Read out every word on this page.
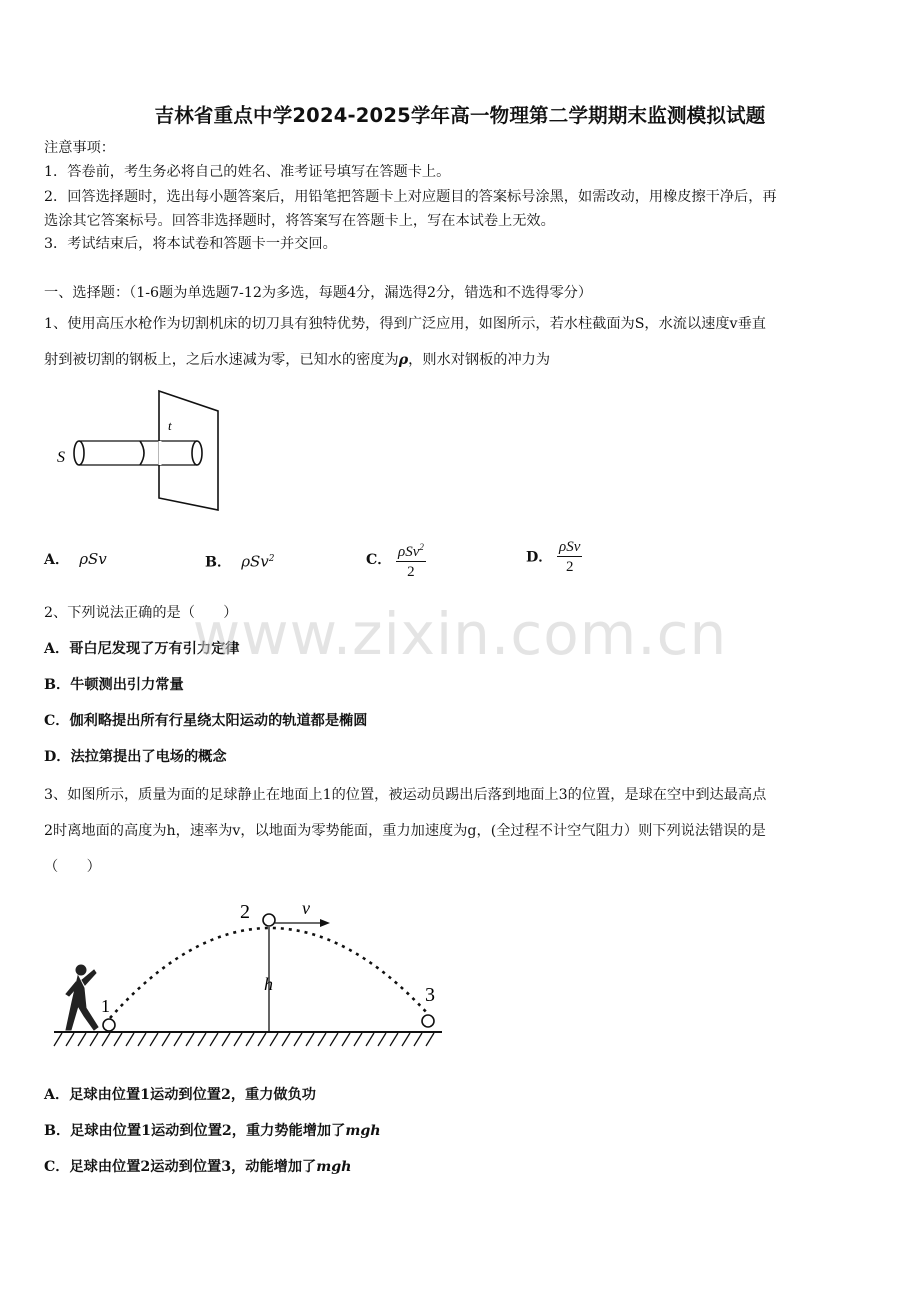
吉林省重点中学2024-2025学年高一物理第二学期期末监测模拟试题
注意事项：
1．答卷前，考生务必将自己的姓名、准考证号填写在答题卡上。
2．回答选择题时，选出每小题答案后，用铅笔把答题卡上对应题目的答案标号涂黑，如需改动，用橡皮擦干净后，再
选涂其它答案标号。回答非选择题时，将答案写在答题卡上，写在本试卷上无效。
3．考试结束后，将本试卷和答题卡一并交回。
一、选择题：（1-6题为单选题7-12为多选，每题4分，漏选得2分，错选和不选得零分）
1、使用高压水枪作为切割机床的切刀具有独特优势，得到广泛应用，如图所示，若水柱截面为S，水流以速度v垂直
射到被切割的钢板上，之后水速减为零，已知水的密度为ρ，则水对钢板的冲力为
S
t
A． ρSv	B． ρSv$^2$	C． $\frac{\rho Sv^2}{2}$	D． $\frac{\text{ρSv}}{2}$
2、下列说法正确的是（　　）
A．哥白尼发现了万有引力定律
B．牛顿测出引力常量
C．伽利略提出所有行星绕太阳运动的轨道都是椭圆
D．法拉第提出了电场的概念
www.zixin.com.cn
3、如图所示，质量为面的足球静止在地面上1的位置，被运动员踢出后落到地面上3的位置，是球在空中到达最高点
2时离地面的高度为h，速率为v，以地面为零势能面，重力加速度为g，(全过程不计空气阻力）则下列说法错误的是
（　　）
1
2
3
h
v
A．足球由位置1运动到位置2，重力做负功
B．足球由位置1运动到位置2，重力势能增加了mgh
C．足球由位置2运动到位置3，动能增加了mgh
